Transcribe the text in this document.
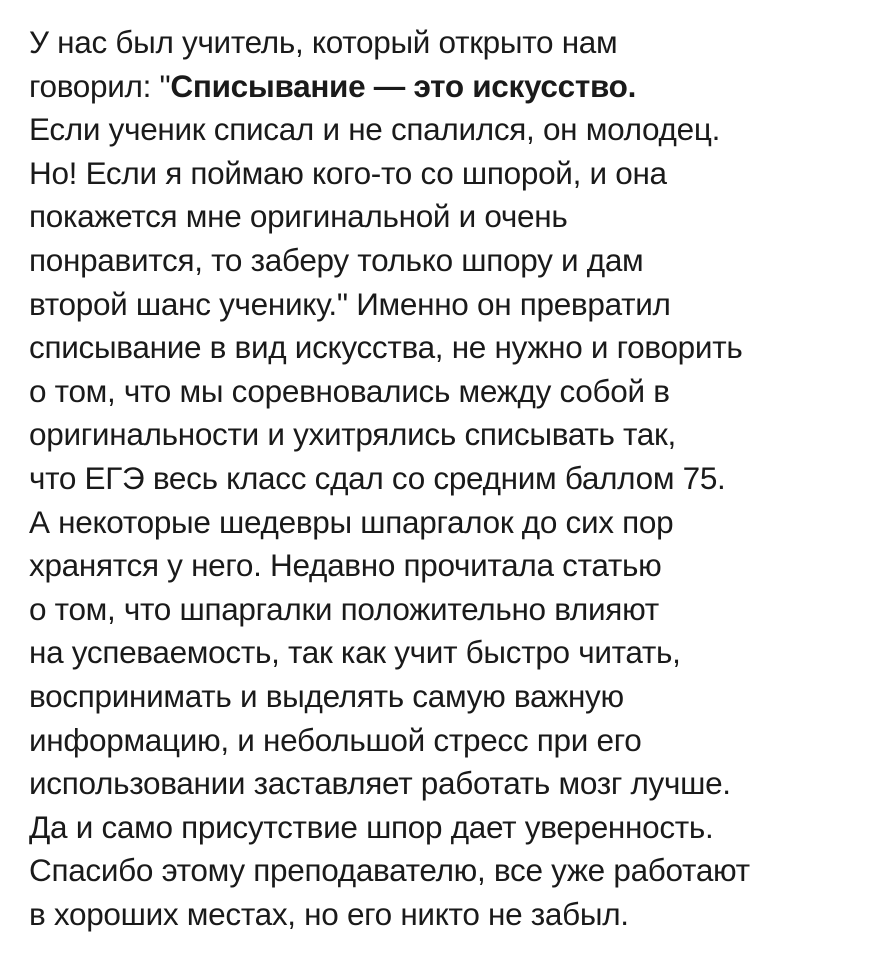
У нас был учитель, который открыто нам
говорил: "Списывание — это искусство.
Если ученик списал и не спалился, он молодец.
Но! Если я поймаю кого-то со шпорой, и она
покажется мне оригинальной и очень
понравится, то заберу только шпору и дам
второй шанс ученику." Именно он превратил
списывание в вид искусства, не нужно и говорить
о том, что мы соревновались между собой в
оригинальности и ухитрялись списывать так,
что ЕГЭ весь класс сдал со средним баллом 75.
А некоторые шедевры шпаргалок до сих пор
хранятся у него. Недавно прочитала статью
о том, что шпаргалки положительно влияют
на успеваемость, так как учит быстро читать,
воспринимать и выделять самую важную
информацию, и небольшой стресс при его
использовании заставляет работать мозг лучше.
Да и само присутствие шпор дает уверенность.
Спасибо этому преподавателю, все уже работают
в хороших местах, но его никто не забыл.
